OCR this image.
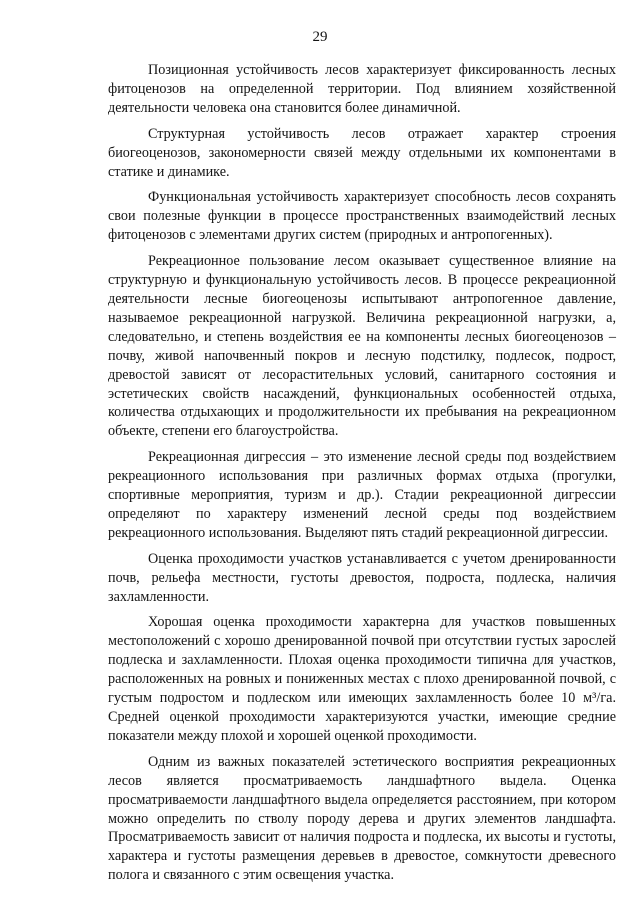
29

Позиционная устойчивость лесов характеризует фиксированность лесных фитоценозов на определенной территории. Под влиянием хозяйственной деятельности человека она становится более динамичной.

Структурная устойчивость лесов отражает характер строения биогеоценозов, закономерности связей между отдельными их компонентами в статике и динамике.

Функциональная устойчивость характеризует способность лесов сохранять свои полезные функции в процессе пространственных взаимодействий лесных фитоценозов с элементами других систем (природных и антропогенных).

Рекреационное пользование лесом оказывает существенное влияние на структурную и функциональную устойчивость лесов. В процессе рекреационной деятельности лесные биогеоценозы испытывают антропогенное давление, называемое рекреационной нагрузкой. Величина рекреационной нагрузки, а, следовательно, и степень воздействия ее на компоненты лесных биогеоценозов – почву, живой напочвенный покров и лесную подстилку, подлесок, подрост, древостой зависят от лесорастительных условий, санитарного состояния и эстетических свойств насаждений, функциональных особенностей отдыха, количества отдыхающих и продолжительности их пребывания на рекреационном объекте, степени его благоустройства.

Рекреационная дигрессия – это изменение лесной среды под воздействием рекреационного использования при различных формах отдыха (прогулки, спортивные мероприятия, туризм и др.). Стадии рекреационной дигрессии определяют по характеру изменений лесной среды под воздействием рекреационного использования. Выделяют пять стадий рекреационной дигрессии.

Оценка проходимости участков устанавливается с учетом дренированности почв, рельефа местности, густоты древостоя, подроста, подлеска, наличия захламленности.

Хорошая оценка проходимости характерна для участков повышенных местоположений с хорошо дренированной почвой при отсутствии густых зарослей подлеска и захламленности. Плохая оценка проходимости типична для участков, расположенных на ровных и пониженных местах с плохо дренированной почвой, с густым подростом и подлеском или имеющих захламленность более 10 м³/га. Средней оценкой проходимости характеризуются участки, имеющие средние показатели между плохой и хорошей оценкой проходимости.

Одним из важных показателей эстетического восприятия рекреационных лесов является просматриваемость ландшафтного выдела. Оценка просматриваемости ландшафтного выдела определяется расстоянием, при котором можно определить по стволу породу дерева и других элементов ландшафта. Просматриваемость зависит от наличия подроста и подлеска, их высоты и густоты, характера и густоты размещения деревьев в древостое, сомкнутости древесного полога и связанного с этим освещения участка.
